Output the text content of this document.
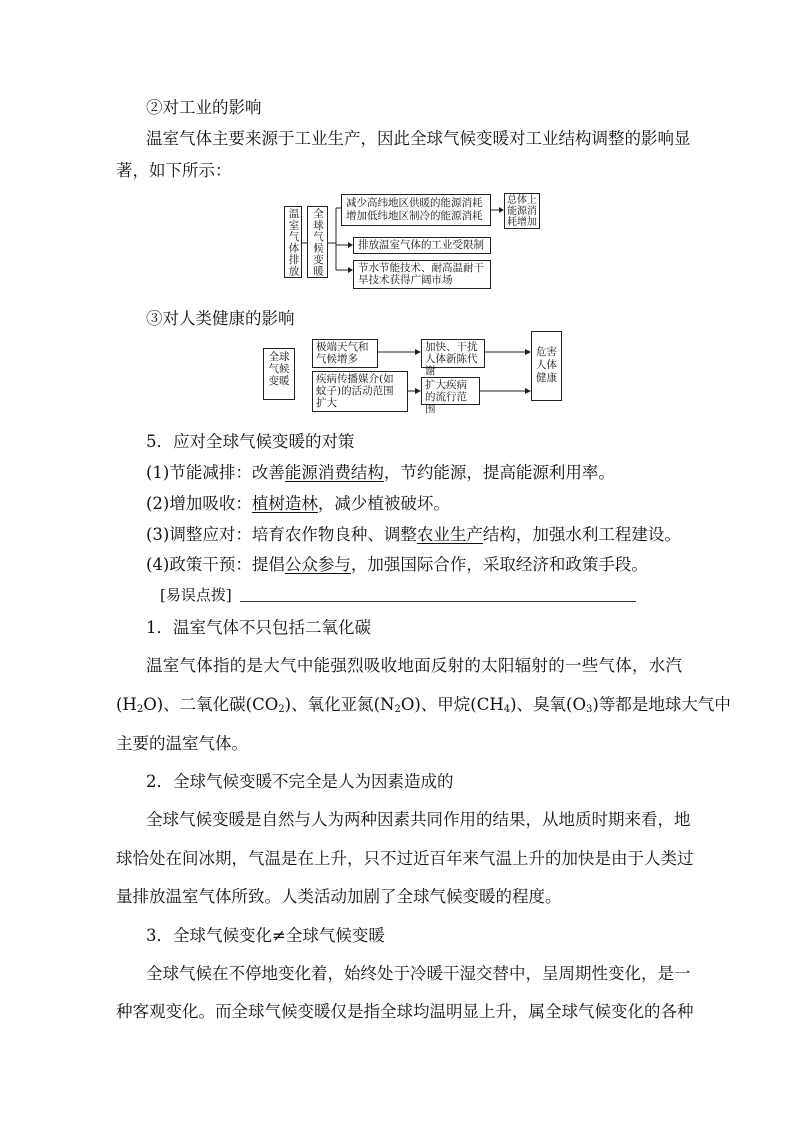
②对工业的影响
温室气体主要来源于工业生产，因此全球气候变暖对工业结构调整的影响显
著，如下所示：
温室气体排放	全球气候变暖
减少高纬地区供暖的能源消耗
增加低纬地区制冷的能源消耗
总体上能源消耗增加
排放温室气体的工业受限制
节水节能技术、耐高温耐干
旱技术获得广阔市场
③对人类健康的影响
全球气候变暖
极端天气和气候增多
加快、干扰人体新陈代谢
疾病传播媒介(如蚊子)的活动范围扩大
扩大疾病的流行范围
危害人体健康
5．应对全球气候变暖的对策
(1)节能减排：改善能源消费结构，节约能源，提高能源利用率。
(2)增加吸收：植树造林，减少植被破坏。
(3)调整应对：培育农作物良种、调整农业生产结构，加强水利工程建设。
(4)政策干预：提倡公众参与，加强国际合作，采取经济和政策手段。
[易误点拨]
1．温室气体不只包括二氧化碳
温室气体指的是大气中能强烈吸收地面反射的太阳辐射的一些气体，水汽
$(H_2O)$、二氧化碳$(CO_2)$、氧化亚氮$(N_2O)$、甲烷$(CH_4)$、臭氧$(O_3)$等都是地球大气中
主要的温室气体。
2．全球气候变暖不完全是人为因素造成的
全球气候变暖是自然与人为两种因素共同作用的结果，从地质时期来看，地
球恰处在间冰期，气温是在上升，只不过近百年来气温上升的加快是由于人类过
量排放温室气体所致。人类活动加剧了全球气候变暖的程度。
3．全球气候变化≠全球气候变暖
全球气候在不停地变化着，始终处于冷暖干湿交替中，呈周期性变化，是一
种客观变化。而全球气候变暖仅是指全球均温明显上升，属全球气候变化的各种
